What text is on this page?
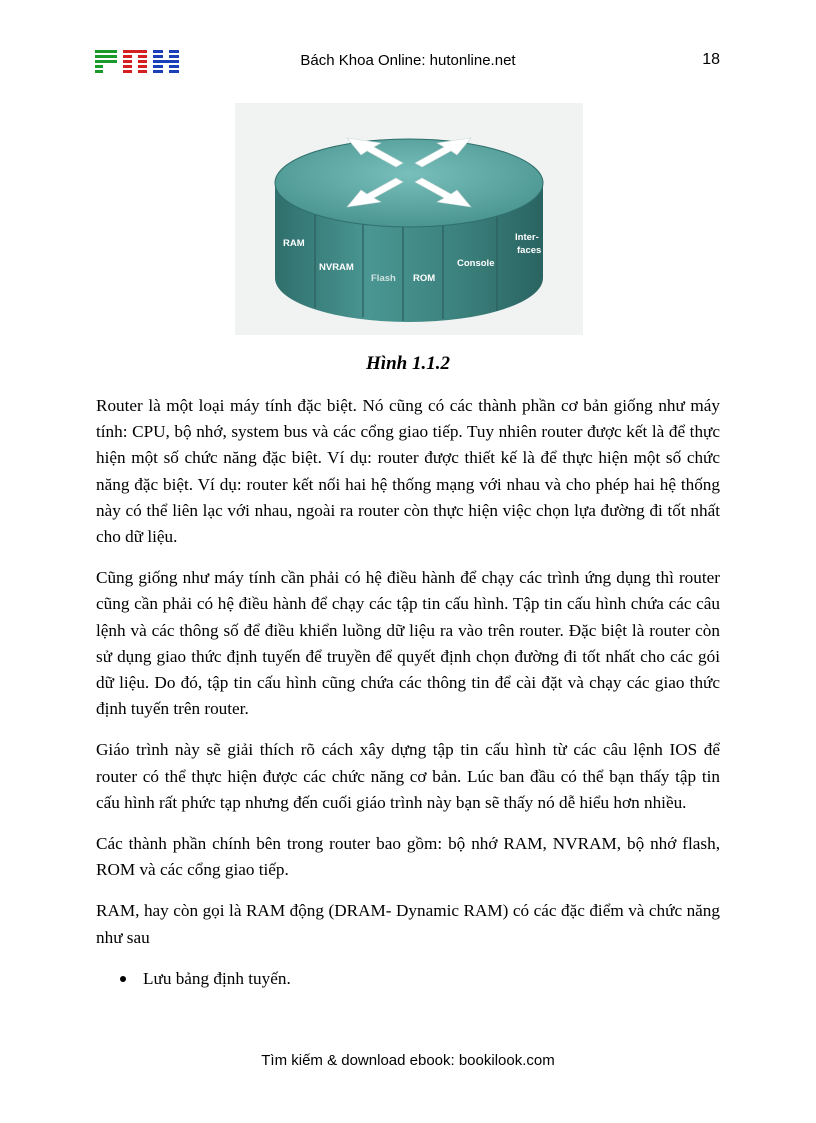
Bách Khoa Online: hutonline.net	18
RAM
NVRAM
Flash ROM
Console
Inter-
faces
Hình 1.1.2

Router là một loại máy tính đặc biệt. Nó cũng có các thành phần cơ bản giống như máy tính: CPU, bộ nhớ, system bus và các cổng giao tiếp. Tuy nhiên router được kết là để thực hiện một số chức năng đặc biệt. Ví dụ: router được thiết kế là để thực hiện một số chức năng đặc biệt. Ví dụ: router kết nối hai hệ thống mạng với nhau và cho phép hai hệ thống này có thể liên lạc với nhau, ngoài ra router còn thực hiện việc chọn lựa đường đi tốt nhất cho dữ liệu.

Cũng giống như máy tính cần phải có hệ điều hành để chạy các trình ứng dụng thì router cũng cần phải có hệ điều hành để chạy các tập tin cấu hình. Tập tin cấu hình chứa các câu lệnh và các thông số để điều khiển luồng dữ liệu ra vào trên router. Đặc biệt là router còn sử dụng giao thức định tuyến để truyền để quyết định chọn đường đi tốt nhất cho các gói dữ liệu. Do đó, tập tin cấu hình cũng chứa các thông tin để cài đặt và chạy các giao thức định tuyến trên router.

Giáo trình này sẽ giải thích rõ cách xây dựng tập tin cấu hình từ các câu lệnh IOS để router có thể thực hiện được các chức năng cơ bản. Lúc ban đầu có thể bạn thấy tập tin cấu hình rất phức tạp nhưng đến cuối giáo trình này bạn sẽ thấy nó dễ hiểu hơn nhiều.

Các thành phần chính bên trong router bao gồm: bộ nhớ RAM, NVRAM, bộ nhớ flash, ROM và các cổng giao tiếp.

RAM, hay còn gọi là RAM động (DRAM- Dynamic RAM) có các đặc điểm và chức năng như sau

Lưu bảng định tuyến.
Tìm kiếm & download ebook: bookilook.com
